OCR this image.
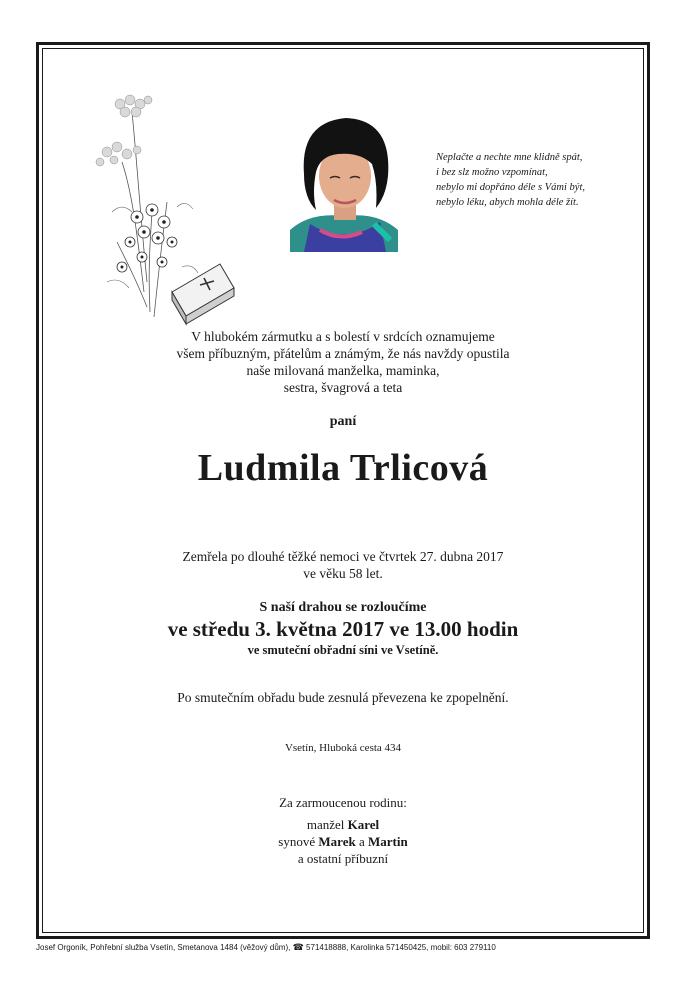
Neplačte a nechte mne klidně spát,
i bez slz možno vzpomínat,
nebylo mi dopřáno déle s Vámi být,
nebylo léku, abych mohla déle žít.
V hlubokém zármutku a s bolestí v srdcích oznamujeme
všem příbuzným, přátelům a známým, že nás navždy opustila
naše milovaná manželka, maminka,
sestra, švagrová a teta
paní
Ludmila Trlicová
Zemřela po dlouhé těžké nemoci ve čtvrtek 27. dubna 2017
ve věku 58 let.
S naší drahou se rozloučíme
ve středu 3. května 2017 ve 13.00 hodin
ve smuteční obřadní síni ve Vsetíně.
Po smutečním obřadu bude zesnulá převezena ke zpopelnění.
Vsetín, Hluboká cesta 434
Za zarmoucenou rodinu:
manžel Karel
synové Marek a Martin
a ostatní příbuzní
Josef Orgoník, Pohřební služba Vsetín, Smetanova 1484 (věžový dům), ☎ 571418888, Karolinka 571450425, mobil: 603 279110
